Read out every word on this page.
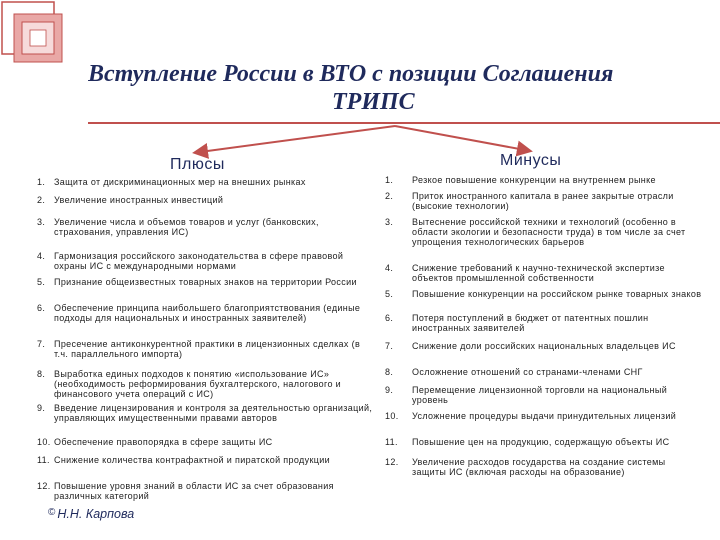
Вступление России в ВТО с позиции Соглашения
ТРИПС
Плюсы	Минусы
1. Защита от дискриминационных мер на внешних рынках
2. Увеличение иностранных инвестиций
3. Увеличение числа и объемов товаров и услуг (банковских, страхования, управления ИС)
4. Гармонизация российского законодательства в сфере правовой охраны ИС с международными нормами
5. Признание общеизвестных товарных знаков на территории России
6. Обеспечение принципа наибольшего благоприятствования (единые подходы для национальных и иностранных заявителей)
7. Пресечение антиконкурентной практики в лицензионных сделках (в т.ч. параллельного импорта)
8. Выработка единых подходов к понятию «использование ИС» (необходимость реформирования бухгалтерского, налогового и финансового учета операций с ИС)
9. Введение лицензирования и контроля за деятельностью организаций, управляющих имущественными правами авторов
10. Обеспечение правопорядка в сфере защиты ИС
11. Снижение количества контрафактной и пиратской продукции
12. Повышение уровня знаний в области ИС за счет образования различных категорий
1. Резкое повышение конкуренции на внутреннем рынке
2. Приток иностранного капитала в ранее закрытые отрасли (высокие технологии)
3. Вытеснение российской техники и технологий (особенно в области экологии и безопасности труда) в том числе за счет упрощения технологических барьеров
4. Снижение требований к научно-технической экспертизе объектов промышленной собственности
5. Повышение конкуренции на российском рынке товарных знаков
6. Потеря поступлений в бюджет от патентных пошлин иностранных заявителей
7. Снижение доли российских национальных владельцев ИС
8. Осложнение отношений со странами-членами СНГ
9. Перемещение лицензионной торговли на национальный уровень
10. Усложнение процедуры выдачи принудительных лицензий
11. Повышение цен на продукцию, содержащую объекты ИС
12. Увеличение расходов государства на создание системы защиты ИС (включая расходы на образование)
© Н.Н. Карпова
